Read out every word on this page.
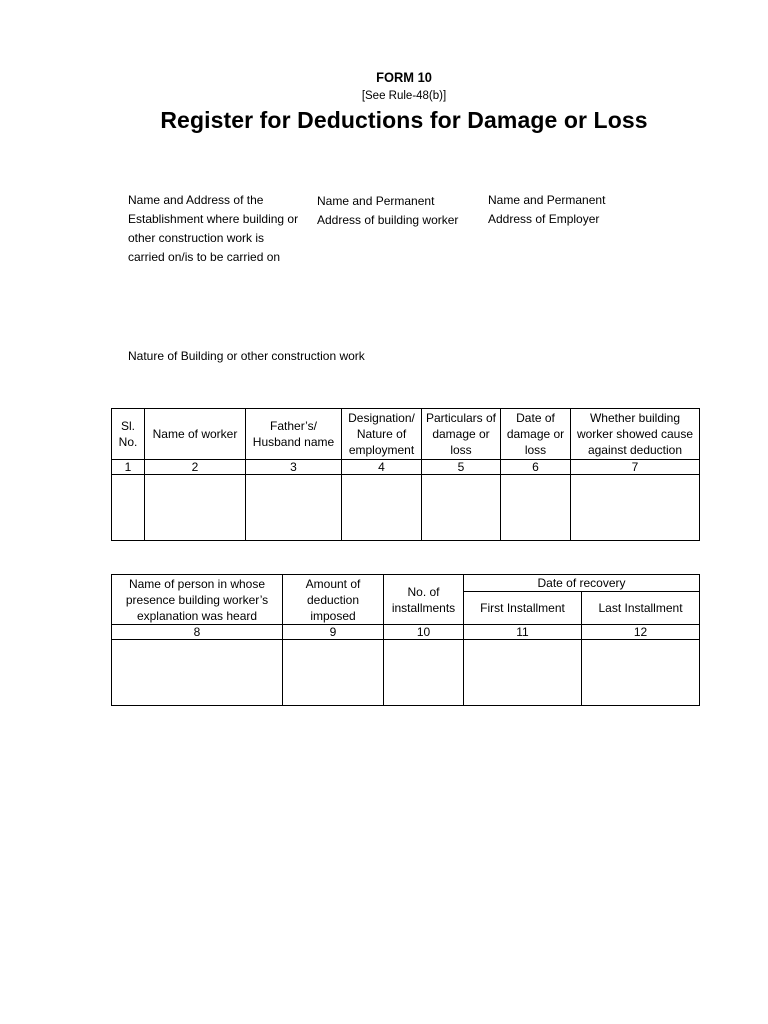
FORM 10
[See Rule-48(b)]
Register for Deductions for Damage or Loss
Name and Address of the Establishment where building or other construction work is carried on/is to be carried on
Name and Permanent Address of building worker
Name and Permanent Address of Employer
Nature of Building or other construction work
Sl. No.	Name of worker	Father’s/ Husband name	Designation/ Nature of employment	Particulars of damage or loss	Date of damage or loss	Whether building worker showed cause against deduction
1	2	3	4	5	6	7

Name of person in whose presence building worker’s explanation was heard	Amount of deduction imposed	No. of installments	Date of recovery	
			First Installment	Last Installment
8	9	10	11	12
